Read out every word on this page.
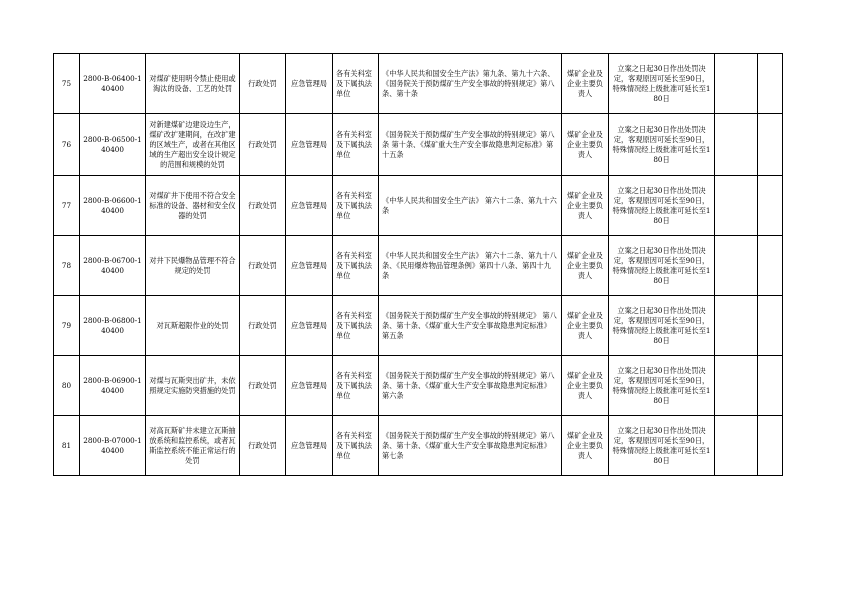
75	2800-B-06400-140400	对煤矿使用明令禁止使用或淘汰的设备、工艺的处罚	行政处罚	应急管理局	各有关科室及下属执法单位	《中华人民共和国安全生产法》第九条、第九十六条、《国务院关于预防煤矿生产安全事故的特别规定》第八条、第十条	煤矿企业及企业主要负责人	立案之日起30日作出处罚决定，客观原因可延长至90日，特殊情况经上级批准可延长至180日		
76	2800-B-06500-140400	对新建煤矿边建设边生产，煤矿改扩建期间，在改扩建的区域生产，或者在其他区域的生产超出安全设计规定的范围和规模的处罚	行政处罚	应急管理局	各有关科室及下属执法单位	《国务院关于预防煤矿生产安全事故的特别规定》第八条 第十条、《煤矿重大生产安全事故隐患判定标准》第十五条	煤矿企业及企业主要负责人	立案之日起30日作出处罚决定，客观原因可延长至90日，特殊情况经上级批准可延长至180日		
77	2800-B-06600-140400	对煤矿井下使用不符合安全标准的设备、器材和安全仪器的处罚	行政处罚	应急管理局	各有关科室及下属执法单位	《中华人民共和国安全生产法》 第六十二条、第九十六条	煤矿企业及企业主要负责人	立案之日起30日作出处罚决定，客观原因可延长至90日，特殊情况经上级批准可延长至180日		
78	2800-B-06700-140400	对井下民爆物品管理不符合规定的处罚	行政处罚	应急管理局	各有关科室及下属执法单位	《中华人民共和国安全生产法》 第六十二条、第九十八条、《民用爆炸物品管理条例》第四十八条、第四十九条	煤矿企业及企业主要负责人	立案之日起30日作出处罚决定，客观原因可延长至90日，特殊情况经上级批准可延长至180日		
79	2800-B-06800-140400	对瓦斯超限作业的处罚	行政处罚	应急管理局	各有关科室及下属执法单位	《国务院关于预防煤矿生产安全事故的特别规定》 第八条、第十条、《煤矿重大生产安全事故隐患判定标准》第五条	煤矿企业及企业主要负责人	立案之日起30日作出处罚决定，客观原因可延长至90日，特殊情况经上级批准可延长至180日		
80	2800-B-06900-140400	对煤与瓦斯突出矿井，未依照规定实施防突措施的处罚	行政处罚	应急管理局	各有关科室及下属执法单位	《国务院关于预防煤矿生产安全事故的特别规定》第八条、第十条、《煤矿重大生产安全事故隐患判定标准》第六条	煤矿企业及企业主要负责人	立案之日起30日作出处罚决定，客观原因可延长至90日，特殊情况经上级批准可延长至180日		
81	2800-B-07000-140400	对高瓦斯矿井未建立瓦斯抽放系统和监控系统，或者瓦斯监控系统不能正常运行的处罚	行政处罚	应急管理局	各有关科室及下属执法单位	《国务院关于预防煤矿生产安全事故的特别规定》第八条、第十条、《煤矿重大生产安全事故隐患判定标准》第七条	煤矿企业及企业主要负责人	立案之日起30日作出处罚决定，客观原因可延长至90日，特殊情况经上级批准可延长至180日		
